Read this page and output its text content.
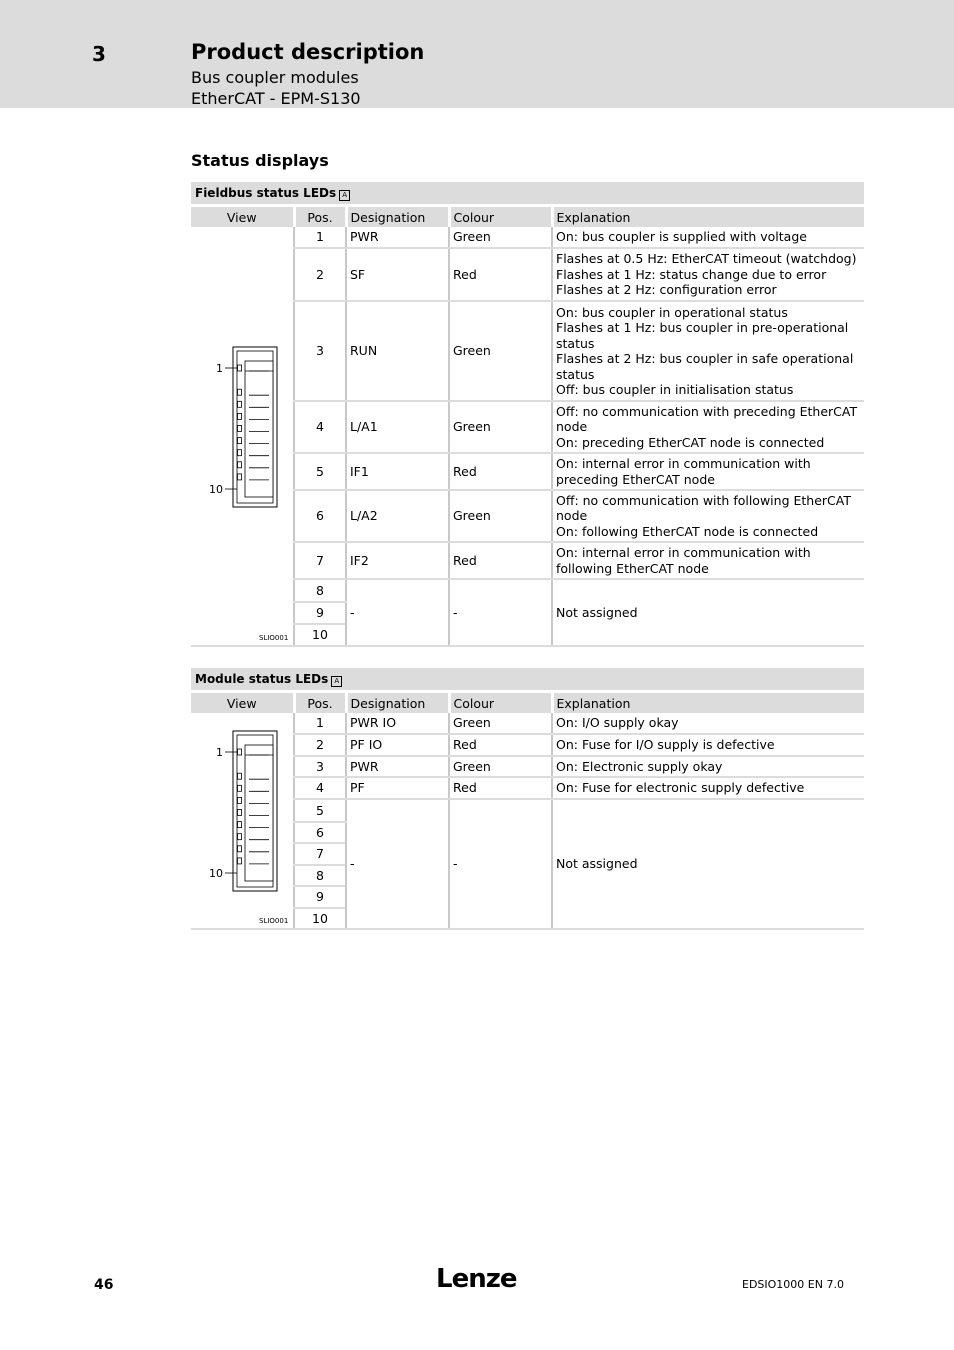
3	Product description
Bus coupler modules
EtherCAT - EPM-S130
Status displays
Fieldbus status LEDs A
View	Pos.	Designation	Colour	Explanation

1
10
SLIO001	1	PWR	Green	On: bus coupler is supplied with voltage

	2	SF	Red	Flashes at 0.5 Hz: EtherCAT timeout (watchdog)
Flashes at 1 Hz: status change due to error
Flashes at 2 Hz: configuration error

	3	RUN	Green	On: bus coupler in operational status
Flashes at 1 Hz: bus coupler in pre-operational status
Flashes at 2 Hz: bus coupler in safe operational status
Off: bus coupler in initialisation status

	4	L/A1	Green	Off: no communication with preceding EtherCAT node
On: preceding EtherCAT node is connected

	5	IF1	Red	On: internal error in communication with preceding EtherCAT node

	6	L/A2	Green	Off: no communication with following EtherCAT node
On: following EtherCAT node is connected

	7	IF2	Red	On: internal error in communication with following EtherCAT node

	8	-	-	Not assigned
	9			
	10			
Module status LEDs A
View	Pos.	Designation	Colour	Explanation

1
10
SLIO001	1	PWR IO	Green	On: I/O supply okay

	2	PF IO	Red	On: Fuse for I/O supply is defective

	3	PWR	Green	On: Electronic supply okay

	4	PF	Red	On: Fuse for electronic supply defective

	5	-	-	Not assigned
	6			
	7			
	8			
	9			
	10			
46	Lenze	EDSIO1000 EN 7.0
